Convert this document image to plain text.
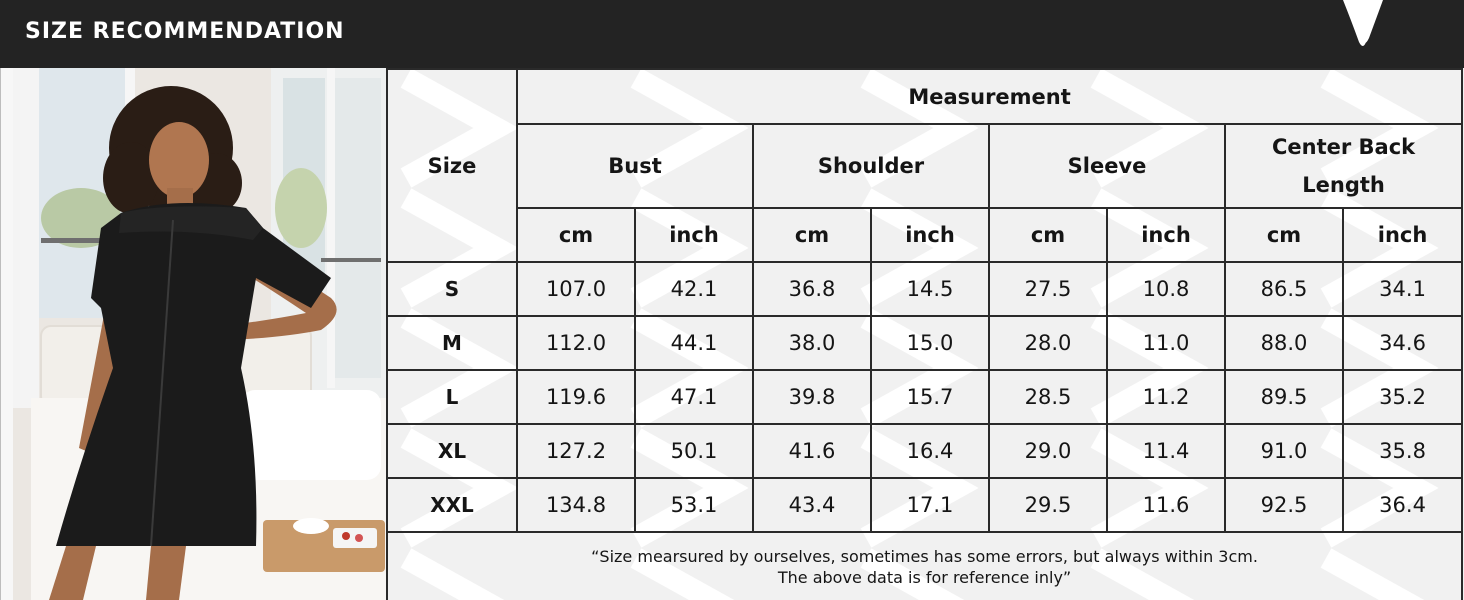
SIZE RECOMMENDATION
Size	Measurement							
	Bust		Shoulder		Sleeve		Center Back Length	
	cm	inch	cm	inch	cm	inch	cm	inch
S	107.0	42.1	36.8	14.5	27.5	10.8	86.5	34.1
M	112.0	44.1	38.0	15.0	28.0	11.0	88.0	34.6
L	119.6	47.1	39.8	15.7	28.5	11.2	89.5	35.2
XL	127.2	50.1	41.6	16.4	29.0	11.4	91.0	35.8
XXL	134.8	53.1	43.4	17.1	29.5	11.6	92.5	36.4

“Size mearsured by ourselves, sometimes has some errors, but always within 3cm.
The above data is for reference inly”								
